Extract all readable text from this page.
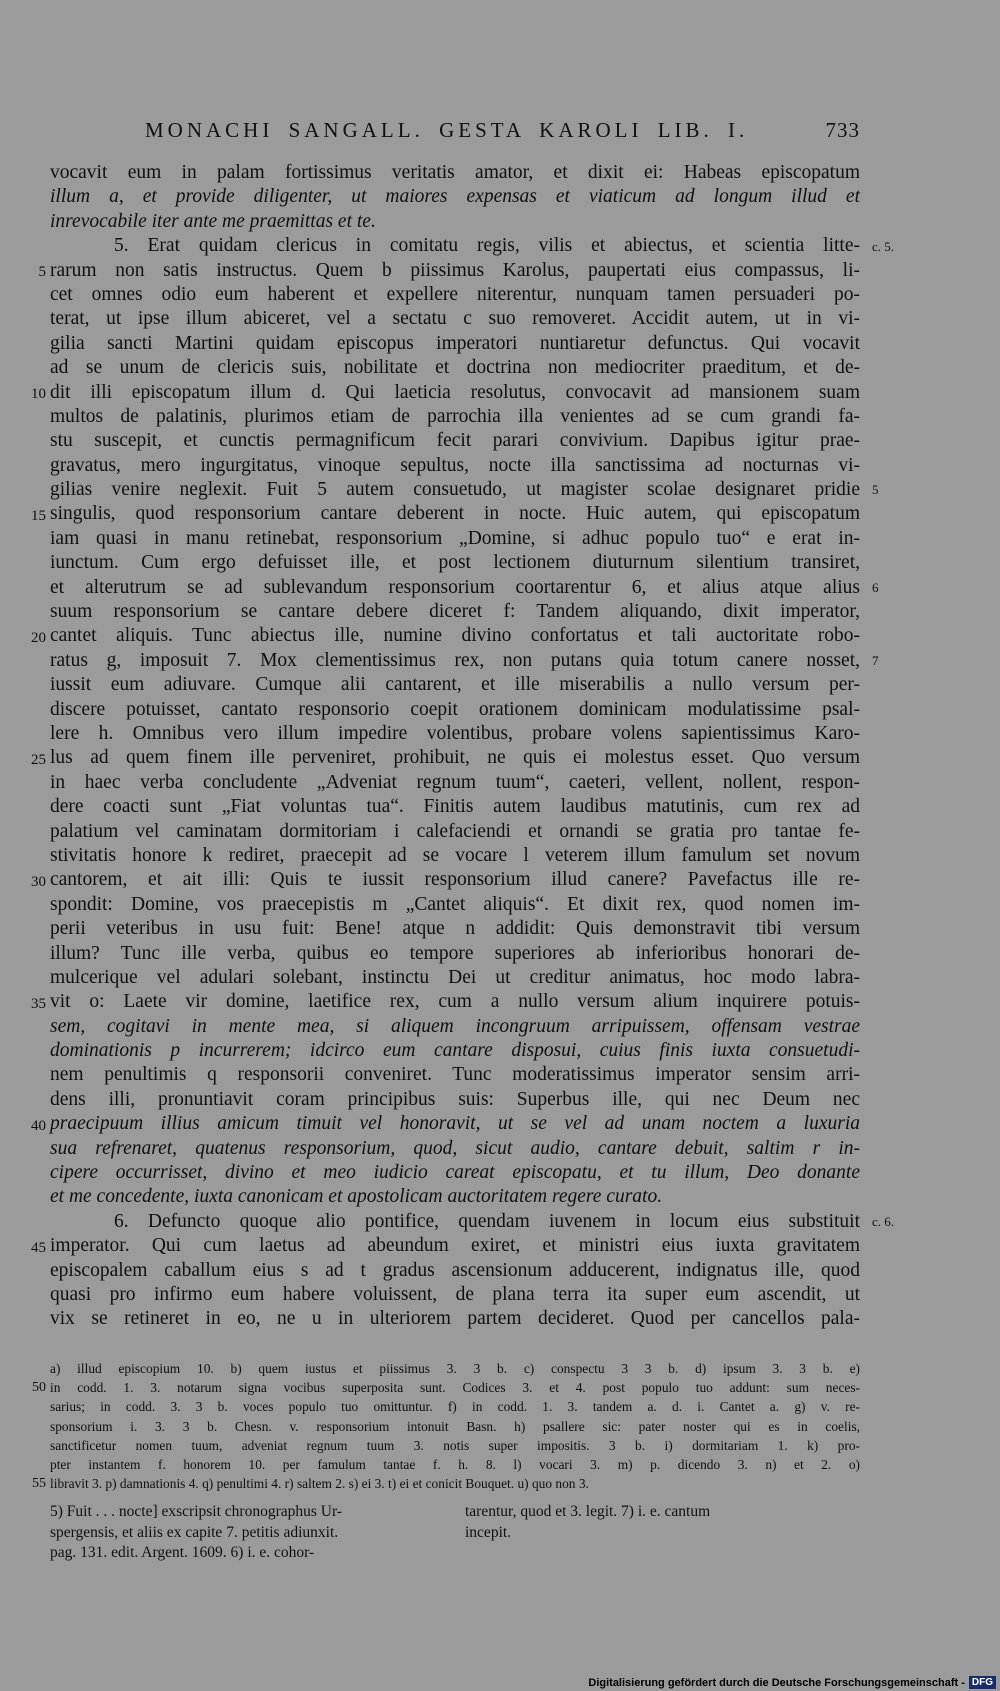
MONACHI SANGALL. GESTA KAROLI LIB. I.	733
5
10
15
20
25
30
35
40
45
c. 5.
5
6
7
c. 6.
vocavit eum in palam fortissimus veritatis amator, et dixit ei: Habeas episcopatum
illum a, et provide diligenter, ut maiores expensas et viaticum ad longum illud et
inrevocabile iter ante me praemittas et te.
5. Erat quidam clericus in comitatu regis, vilis et abiectus, et scientia litte-
rarum non satis instructus. Quem b piissimus Karolus, paupertati eius compassus, li-
cet omnes odio eum haberent et expellere niterentur, nunquam tamen persuaderi po-
terat, ut ipse illum abiceret, vel a sectatu c suo removeret. Accidit autem, ut in vi-
gilia sancti Martini quidam episcopus imperatori nuntiaretur defunctus. Qui vocavit
ad se unum de clericis suis, nobilitate et doctrina non mediocriter praeditum, et de-
dit illi episcopatum illum d. Qui laeticia resolutus, convocavit ad mansionem suam
multos de palatinis, plurimos etiam de parrochia illa venientes ad se cum grandi fa-
stu suscepit, et cunctis permagnificum fecit parari convivium. Dapibus igitur prae-
gravatus, mero ingurgitatus, vinoque sepultus, nocte illa sanctissima ad nocturnas vi-
gilias venire neglexit. Fuit 5 autem consuetudo, ut magister scolae designaret pridie
singulis, quod responsorium cantare deberent in nocte. Huic autem, qui episcopatum
iam quasi in manu retinebat, responsorium „Domine, si adhuc populo tuo“ e erat in-
iunctum. Cum ergo defuisset ille, et post lectionem diuturnum silentium transiret,
et alterutrum se ad sublevandum responsorium coortarentur 6, et alius atque alius
suum responsorium se cantare debere diceret f: Tandem aliquando, dixit imperator,
cantet aliquis. Tunc abiectus ille, numine divino confortatus et tali auctoritate robo-
ratus g, imposuit 7. Mox clementissimus rex, non putans quia totum canere nosset,
iussit eum adiuvare. Cumque alii cantarent, et ille miserabilis a nullo versum per-
discere potuisset, cantato responsorio coepit orationem dominicam modulatissime psal-
lere h. Omnibus vero illum impedire volentibus, probare volens sapientissimus Karo-
lus ad quem finem ille perveniret, prohibuit, ne quis ei molestus esset. Quo versum
in haec verba concludente „Adveniat regnum tuum“, caeteri, vellent, nollent, respon-
dere coacti sunt „Fiat voluntas tua“. Finitis autem laudibus matutinis, cum rex ad
palatium vel caminatam dormitoriam i calefaciendi et ornandi se gratia pro tantae fe-
stivitatis honore k rediret, praecepit ad se vocare l veterem illum famulum set novum
cantorem, et ait illi: Quis te iussit responsorium illud canere? Pavefactus ille re-
spondit: Domine, vos praecepistis m „Cantet aliquis“. Et dixit rex, quod nomen im-
perii veteribus in usu fuit: Bene! atque n addidit: Quis demonstravit tibi versum
illum? Tunc ille verba, quibus eo tempore superiores ab inferioribus honorari de-
mulcerique vel adulari solebant, instinctu Dei ut creditur animatus, hoc modo labra-
vit o: Laete vir domine, laetifice rex, cum a nullo versum alium inquirere potuis-
sem, cogitavi in mente mea, si aliquem incongruum arripuissem, offensam vestrae
dominationis p incurrerem; idcirco eum cantare disposui, cuius finis iuxta consuetudi-
nem penultimis q responsorii conveniret. Tunc moderatissimus imperator sensim arri-
dens illi, pronuntiavit coram principibus suis: Superbus ille, qui nec Deum nec
praecipuum illius amicum timuit vel honoravit, ut se vel ad unam noctem a luxuria
sua refrenaret, quatenus responsorium, quod, sicut audio, cantare debuit, saltim r in-
cipere occurrisset, divino et meo iudicio careat episcopatu, et tu illum, Deo donante
et me concedente, iuxta canonicam et apostolicam auctoritatem regere curato.
6. Defuncto quoque alio pontifice, quendam iuvenem in locum eius substituit
imperator. Qui cum laetus ad abeundum exiret, et ministri eius iuxta gravitatem
episcopalem caballum eius s ad t gradus ascensionum adducerent, indignatus ille, quod
quasi pro infirmo eum habere voluissent, de plana terra ita super eum ascendit, ut
vix se retineret in eo, ne u in ulteriorem partem decideret. Quod per cancellos pala-
50
55
a) illud episcopium 10. b) quem iustus et piissimus 3. 3 b. c) conspectu 3 3 b. d) ipsum 3. 3 b. e)
in codd. 1. 3. notarum signa vocibus superposita sunt. Codices 3. et 4. post populo tuo addunt: sum neces-
sarius; in codd. 3. 3 b. voces populo tuo omittuntur. f) in codd. 1. 3. tandem a. d. i. Cantet a. g) v. re-
sponsorium i. 3. 3 b. Chesn. v. responsorium intonuit Basn. h) psallere sic: pater noster qui es in coelis,
sanctificetur nomen tuum, adveniat regnum tuum 3. notis super impositis. 3 b. i) dormitariam 1. k) pro-
pter instantem f. honorem 10. per famulum tantae f. h. 8. l) vocari 3. m) p. dicendo 3. n) et 2. o)
libravit 3. p) damnationis 4. q) penultimi 4. r) saltem 2. s) ei 3. t) ei et conicit Bouquet. u) quo non 3.
5) Fuit . . . nocte] exscripsit chronographus Ur-
spergensis, et aliis ex capite 7. petitis adiunxit.
pag. 131. edit. Argent. 1609. 6) i. e. cohor-
tarentur, quod et 3. legit. 7) i. e. cantum
incepit.
Digitalisierung gefördert durch die Deutsche Forschungsgemeinschaft - DFG
